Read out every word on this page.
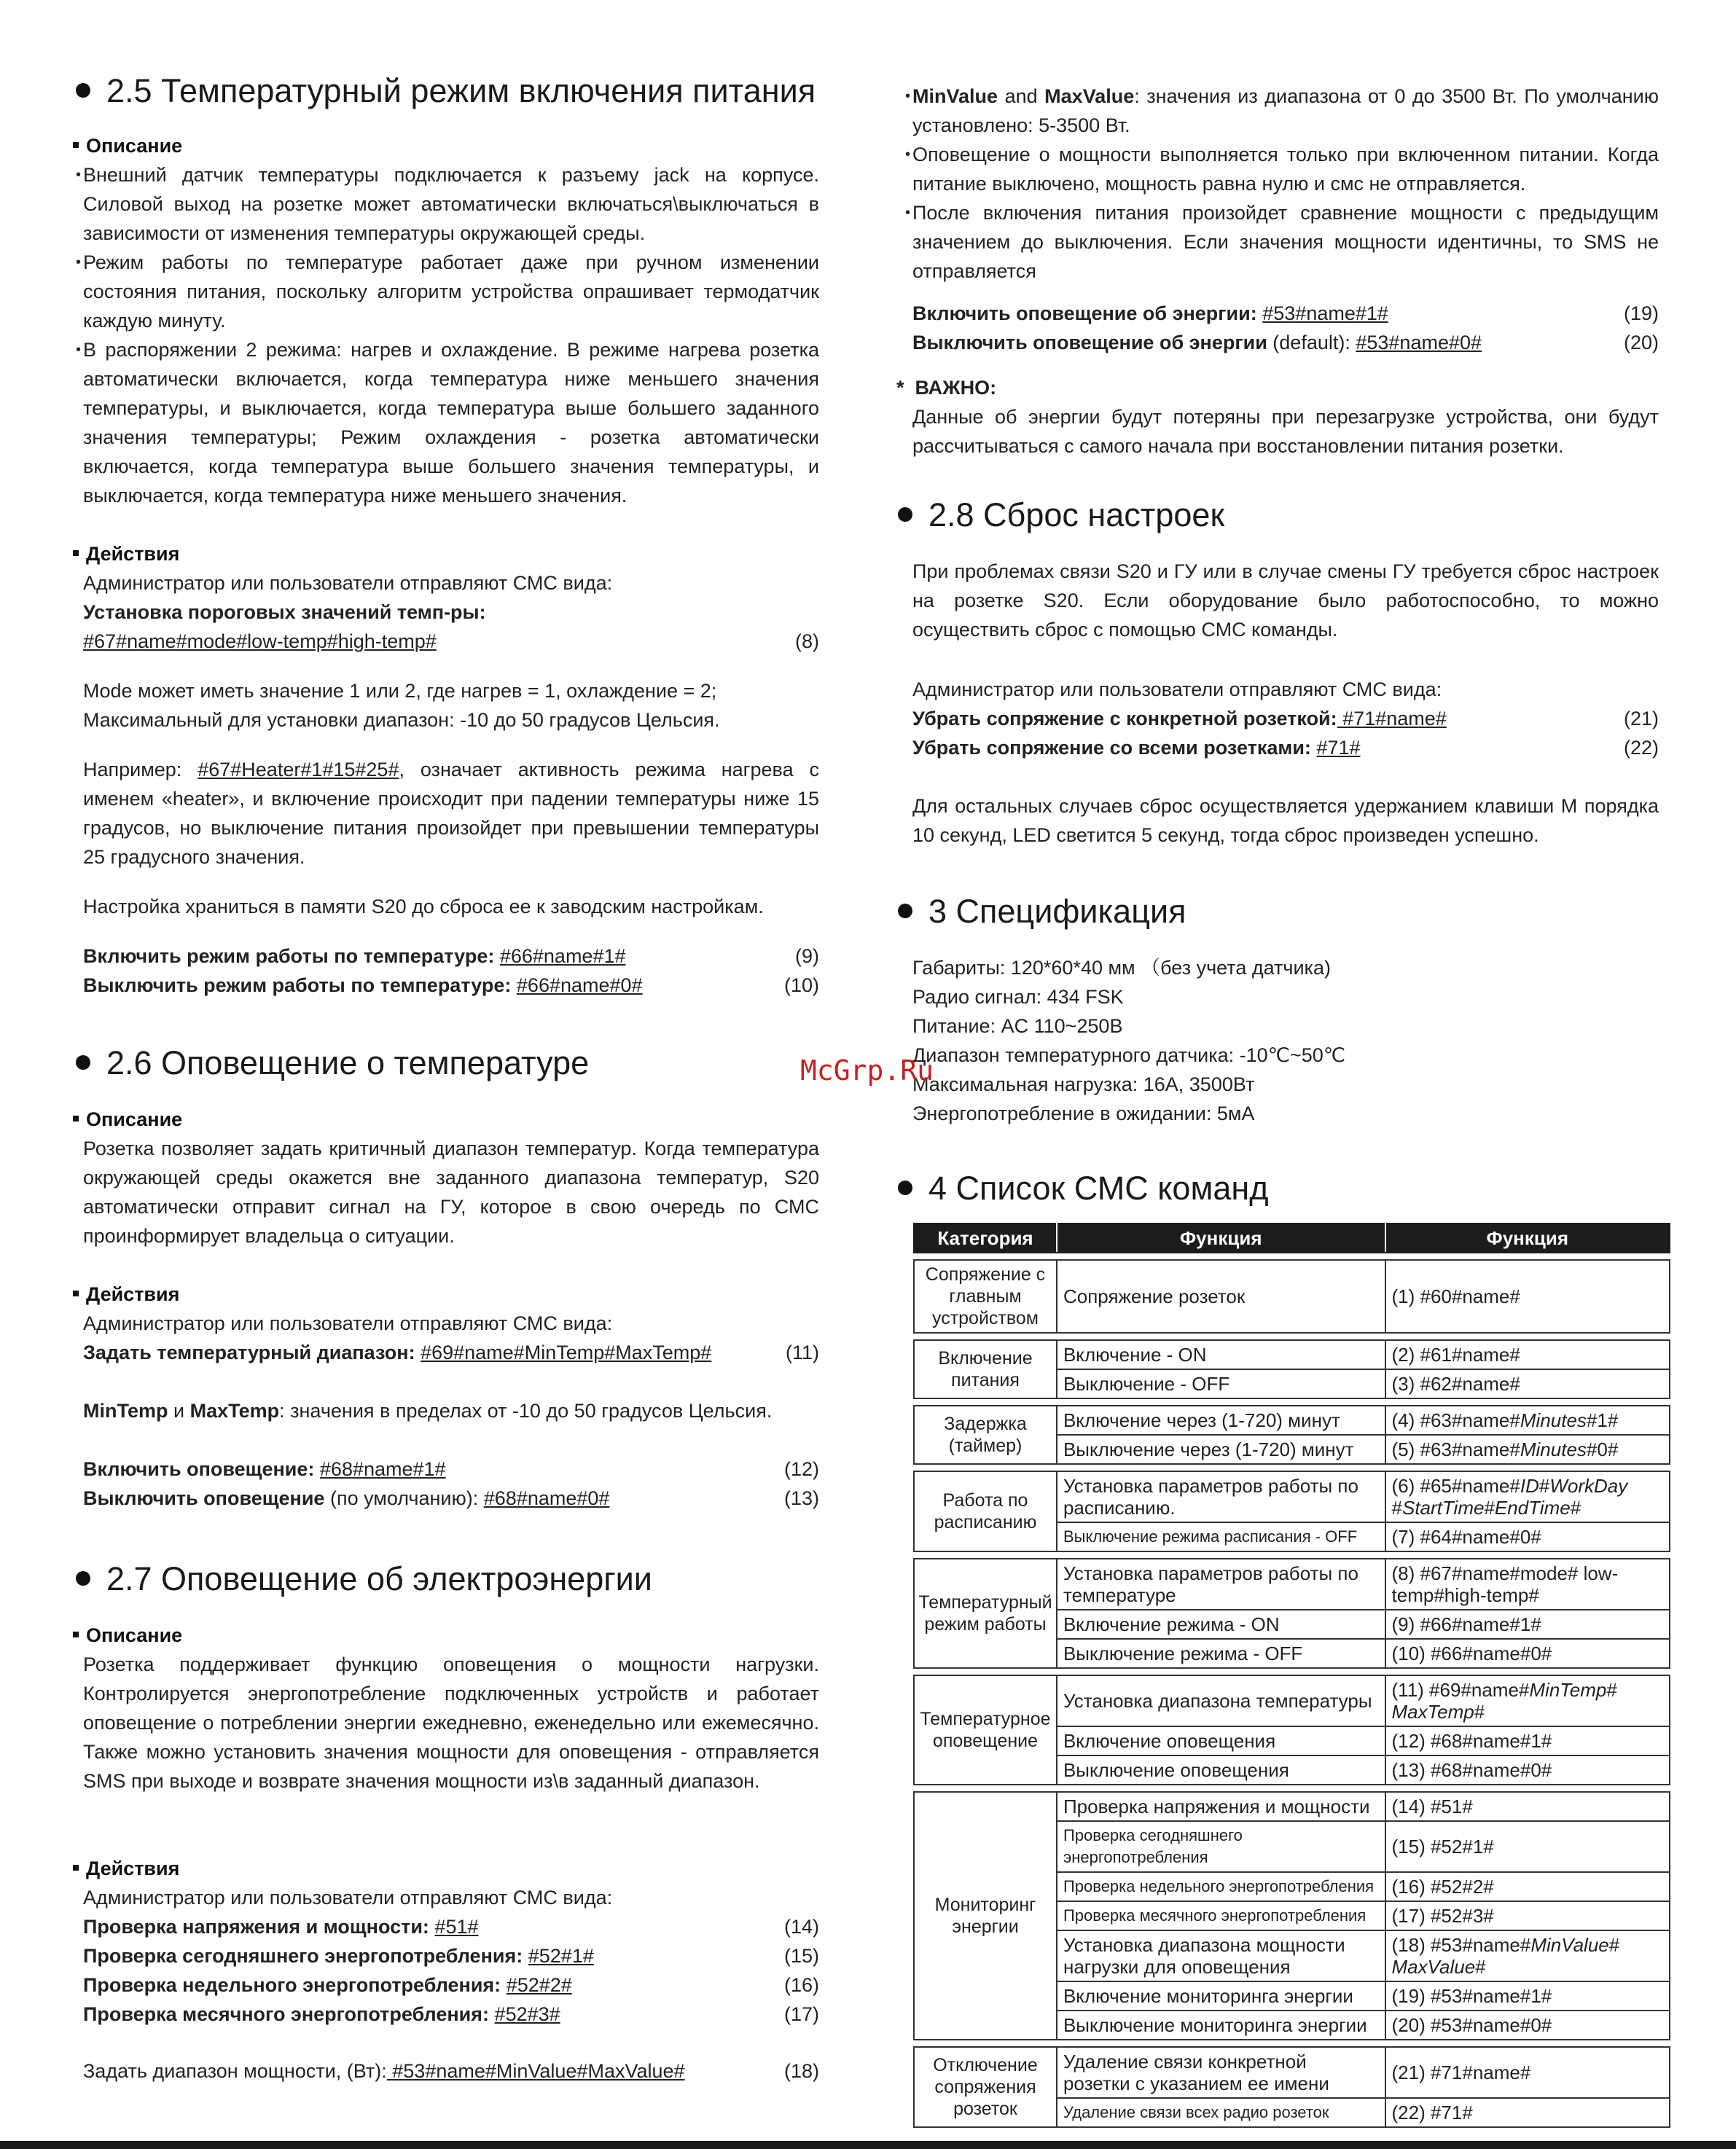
2.5 Температурный режим включения питания
Описание
• Внешний датчик температуры подключается к разъему jack на корпусе. Силовой выход на розетке может автоматически включаться\выключаться в зависимости от изменения температуры окружающей среды.
• Режим работы по температуре работает даже при ручном изменении состояния питания, поскольку алгоритм устройства опрашивает термодатчик каждую минуту.
• В распоряжении 2 режима: нагрев и охлаждение. В режиме нагрева розетка автоматически включается, когда температура ниже меньшего значения температуры, и выключается, когда температура выше большего заданного значения температуры; Режим охлаждения - розетка автоматически включается, когда температура выше большего значения температуры, и выключается, когда температура ниже меньшего значения.
Действия
Администратор или пользователи отправляют СМС вида:
Установка пороговых значений темп-ры:
#67#name#mode#low-temp#high-temp#	(8)
Mode может иметь значение 1 или 2, где нагрев = 1, охлаждение = 2;
Максимальный для установки диапазон: -10 до 50 градусов Цельсия.
Например: #67#Heater#1#15#25#, означает активность режима нагрева с именем «heater», и включение происходит при падении температуры ниже 15 градусов, но выключение питания произойдет при превышении температуры 25 градусного значения.
Настройка храниться в памяти S20 до сброса ее к заводским настройкам.
Включить режим работы по температуре: #66#name#1#	(9)
Выключить режим работы по температуре: #66#name#0#	(10)
2.6 Оповещение о температуре
Описание
Розетка позволяет задать критичный диапазон температур. Когда температура окружающей среды окажется вне заданного диапазона температур, S20 автоматически отправит сигнал на ГУ, которое в свою очередь по СМС проинформирует владельца о ситуации.
Действия
Администратор или пользователи отправляют СМС вида:
Задать температурный диапазон: #69#name#MinTemp#MaxTemp#	(11)
MinTemp и MaxTemp: значения в пределах от -10 до 50 градусов Цельсия.
Включить оповещение: #68#name#1#	(12)
Выключить оповещение (по умолчанию): #68#name#0#	(13)
2.7 Оповещение об электроэнергии
Описание
Розетка поддерживает функцию оповещения о мощности нагрузки. Контролируется энергопотребление подключенных устройств и работает оповещение о потреблении энергии ежедневно, еженедельно или ежемесячно. Также можно установить значения мощности для оповещения - отправляется SMS при выходе и возврате значения мощности из\в заданный диапазон.
Действия
Администратор или пользователи отправляют СМС вида:
Проверка напряжения и мощности: #51#	(14)
Проверка сегодняшнего энергопотребления: #52#1#	(15)
Проверка недельного энергопотребления: #52#2#	(16)
Проверка месячного энергопотребления: #52#3#	(17)
Задать диапазон мощности, (Вт): #53#name#MinValue#MaxValue#	(18)
• MinValue and MaxValue: значения из диапазона от 0 до 3500 Вт. По умолчанию установлено: 5-3500 Вт.
• Оповещение о мощности выполняется только при включенном питании. Когда питание выключено, мощность равна нулю и смс не отправляется.
• После включения питания произойдет сравнение мощности с предыдущим значением до выключения. Если значения мощности идентичны, то SMS не отправляется
Включить оповещение об энергии: #53#name#1#	(19)
Выключить оповещение об энергии (default): #53#name#0#	(20)
* ВАЖНО:
Данные об энергии будут потеряны при перезагрузке устройства, они будут рассчитываться с самого начала при восстановлении питания розетки.
2.8 Сброс настроек
При проблемах связи S20 и ГУ или в случае смены ГУ требуется сброс настроек на розетке S20. Если оборудование было работоспособно, то можно осуществить сброс с помощью СМС команды.
Администратор или пользователи отправляют СМС вида:
Убрать сопряжение с конкретной розеткой: #71#name#	(21)
Убрать сопряжение со всеми розетками: #71#	(22)
Для остальных случаев сброс осуществляется удержанием клавиши M порядка 10 секунд, LED светится 5 секунд, тогда сброс произведен успешно.
3 Спецификация
Габариты: 120*60*40 мм （без учета датчика)
Радио сигнал: 434 FSK
Питание: AC 110~250В
Диапазон температурного датчика: -10℃~50℃
Максимальная нагрузка: 16A, 3500Вт
Энергопотребление в ожидании: 5мА
4 Список СМС команд
Категория	Функция	Функция

Сопряжение с главным устройством	Сопряжение розеток	(1) #60#name#

Включение питания	Включение - ON	(2) #61#name#
	Выключение - OFF	(3) #62#name#

Задержка (таймер)	Включение через (1-720) минут	(4) #63#name#Minutes#1#
	Выключение через (1-720) минут	(5) #63#name#Minutes#0#

Работа по расписанию	Установка параметров работы по расписанию.	(6) #65#name#ID#WorkDay #StartTime#EndTime#
	Выключение режима расписания - OFF	(7) #64#name#0#

Температурный режим работы	Установка параметров работы по температуре	(8) #67#name#mode# low-temp#high-temp#
	Включение режима - ON	(9) #66#name#1#
	Выключение режима - OFF	(10) #66#name#0#

Температурное оповещение	Установка диапазона температуры	(11) #69#name#MinTemp# MaxTemp#
	Включение оповещения	(12) #68#name#1#
	Выключение оповещения	(13) #68#name#0#

Мониторинг энергии	Проверка напряжения и мощности	(14) #51#
	Проверка сегодняшнего энергопотребления	(15) #52#1#
	Проверка недельного энергопотребления	(16) #52#2#
	Проверка месячного энергопотребления	(17) #52#3#
	Установка диапазона мощности нагрузки для оповещения	(18) #53#name#MinValue# MaxValue#
	Включение мониторинга энергии	(19) #53#name#1#
	Выключение мониторинга энергии	(20) #53#name#0#

Отключение сопряжения розеток	Удаление связи конкретной розетки с указанием ее имени	(21) #71#name#
	Удаление связи всех радио розеток	(22) #71#
McGrp.Ru
